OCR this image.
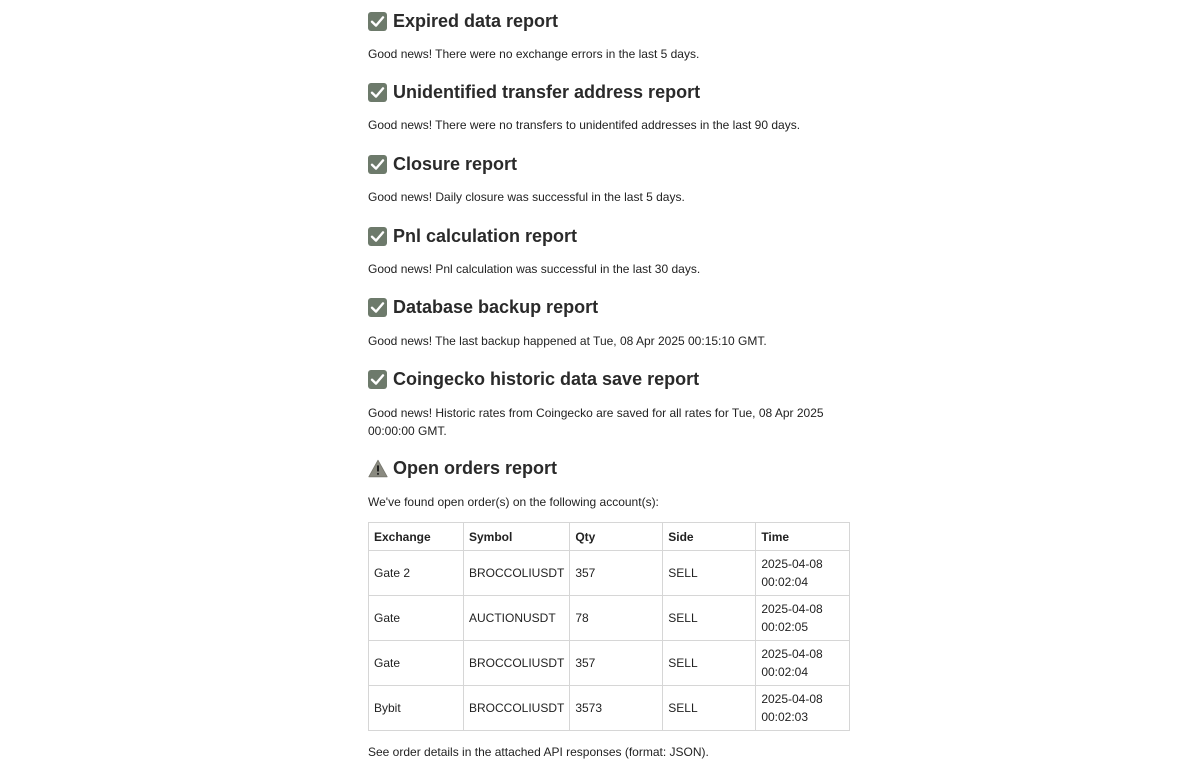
Expired data report

Good news! There were no exchange errors in the last 5 days.

Unidentified transfer address report

Good news! There were no transfers to unidentifed addresses in the last 90 days.

Closure report

Good news! Daily closure was successful in the last 5 days.

Pnl calculation report

Good news! Pnl calculation was successful in the last 30 days.

Database backup report

Good news! The last backup happened at Tue, 08 Apr 2025 00:15:10 GMT.

Coingecko historic data save report

Good news! Historic rates from Coingecko are saved for all rates for Tue, 08 Apr 2025 00:00:00 GMT.

Open orders report

We've found open order(s) on the following account(s):

Exchange	Symbol	Qty	Side	Time
Gate 2	BROCCOLIUSDT	357	SELL	2025-04-08
00:02:04
Gate	AUCTIONUSDT	78	SELL	2025-04-08
00:02:05
Gate	BROCCOLIUSDT	357	SELL	2025-04-08
00:02:04
Bybit	BROCCOLIUSDT	3573	SELL	2025-04-08
00:02:03

See order details in the attached API responses (format: JSON).
